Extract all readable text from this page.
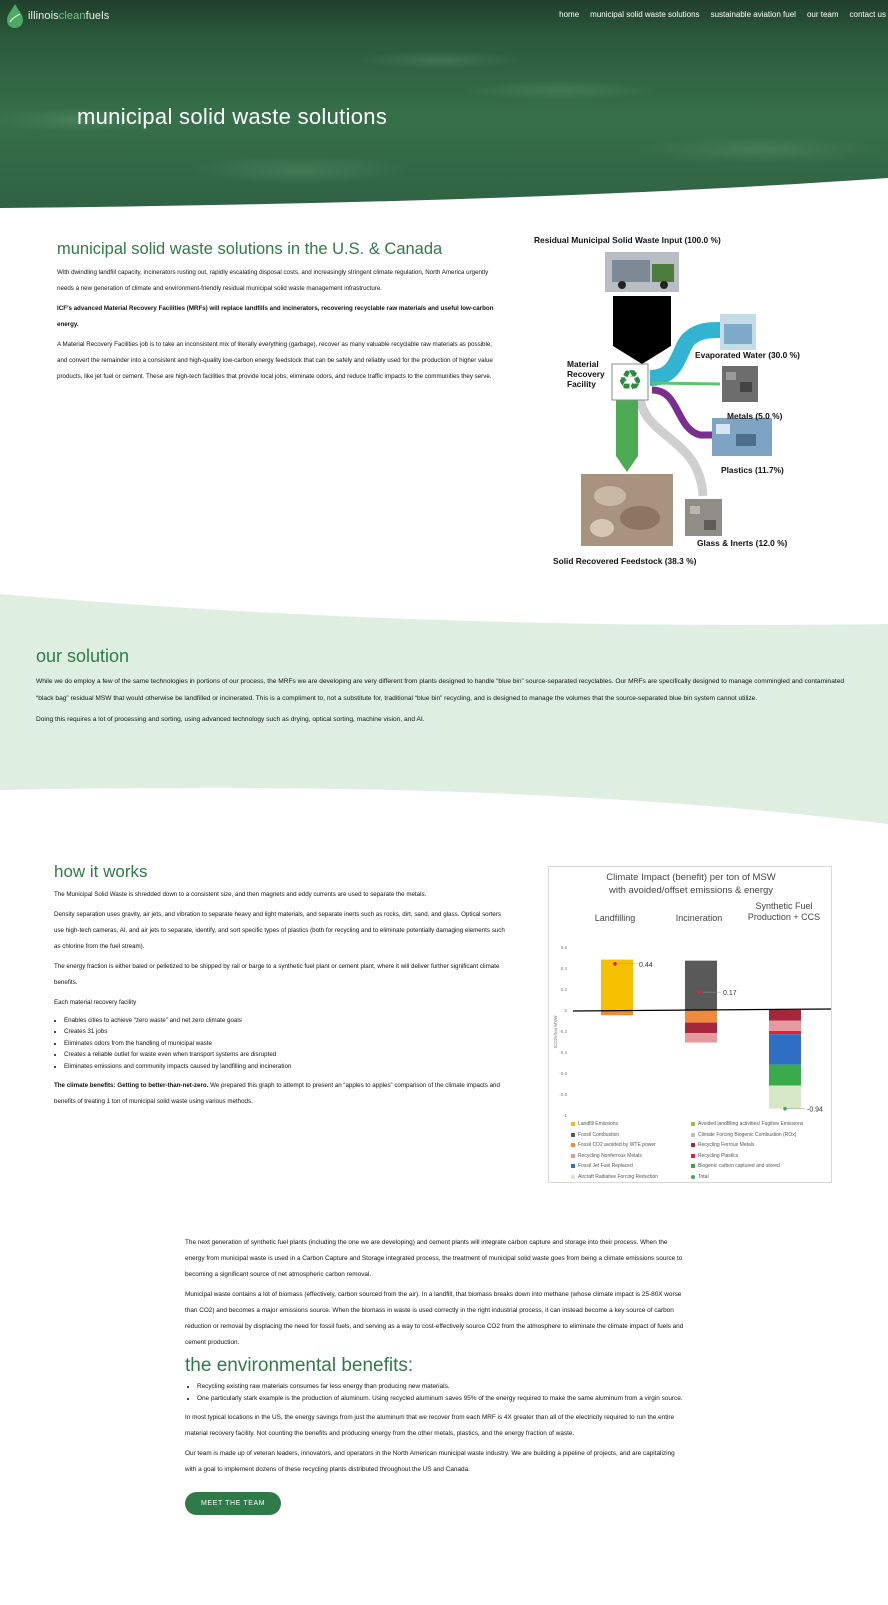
illinoiscleanfuels	home municipal solid waste solutions sustainable aviation fuel our team contact us
municipal solid waste solutions
municipal solid waste solutions in the U.S. & Canada

With dwindling landfill capacity, incinerators rusting out, rapidly escalating disposal costs, and increasingly stringent climate regulation, North America urgently needs a new generation of climate and environment-friendly residual municipal solid waste management infrastructure.

ICF’s advanced Material Recovery Facilities (MRFs) will replace landfills and incinerators, recovering recyclable raw materials and useful low-carbon energy.

A Material Recovery Facilities job is to take an inconsistent mix of literally everything (garbage), recover as many valuable recyclable raw materials as possible, and convert the remainder into a consistent and high-quality low-carbon energy feedstock that can be safely and reliably used for the production of higher value products, like jet fuel or cement. These are high-tech facilities that provide local jobs, eliminate odors, and reduce traffic impacts to the communities they serve.	♻
Residual Municipal Solid Waste Input (100.0 %)
Material
Recovery
Facility
Evaporated Water (30.0 %)
Metals (5.0 %)
Plastics (11.7%)
Glass & Inerts (12.0 %)
Solid Recovered Feedstock (38.3 %)
our solution

While we do employ a few of the same technologies in portions of our process, the MRFs we are developing are very different from plants designed to handle “blue bin” source-separated recyclables. Our MRFs are specifically designed to manage commingled and contaminated “black bag” residual MSW that would otherwise be landfilled or incinerated. This is a compliment to, not a substitute for, traditional “blue bin” recycling, and is designed to manage the volumes that the source-separated blue bin system cannot utilize.

Doing this requires a lot of processing and sorting, using advanced technology such as drying, optical sorting, machine vision, and AI.

how it works

The Municipal Solid Waste is shredded down to a consistent size, and then magnets and eddy currents are used to separate the metals.

Density separation uses gravity, air jets, and vibration to separate heavy and light materials, and separate inerts such as rocks, dirt, sand, and glass. Optical sorters use high-tech cameras, AI, and air jets to separate, identify, and sort specific types of plastics (both for recycling and to eliminate potentially damaging elements such as chlorine from the fuel stream).

The energy fraction is either baled or pelletized to be shipped by rail or barge to a synthetic fuel plant or cement plant, where it will deliver further significant climate benefits.

Each material recovery facility

• Enables cities to achieve “zero waste” and net zero climate goals
• Creates 31 jobs
• Eliminates odors from the handling of municipal waste
• Creates a reliable outlet for waste even when transport systems are disrupted
• Eliminates emissions and community impacts caused by landfilling and incineration

The climate benefits: Getting to better-than-net-zero. We prepared this graph to attempt to present an “apples to apples” comparison of the climate impacts and benefits of treating 1 ton of municipal solid waste using various methods.

Climate Impact (benefit) per ton of MSW
with avoided/offset emissions & energy
Landfilling	Incineration
Synthetic Fuel
Production + CCS
0.6
0.4
0.2
0
-0.2
-0.4
-0.6
-0.8
-1
tCO2e/ton MSW
0.44
0.17
-0.94
Landfill Emissions	Avoided landfilling activities/ Fugitive Emissions
Fossil Combustion	Climate Forcing Biogenic Combustion (ROx)
Fossil CO2 avoided by WTE power	Recycling Ferrous Metals
Recycling Nonferrous Metals	Recycling Plastics
Fossil Jet Fuel Replaced	Biogenic carbon captured and stored
Aircraft Radiative Forcing Reduction	Total

The next generation of synthetic fuel plants (including the one we are developing) and cement plants will integrate carbon capture and storage into their process. When the energy from municipal waste is used in a Carbon Capture and Storage integrated process, the treatment of municipal solid waste goes from being a climate emissions source to becoming a significant source of net atmospheric carbon removal.

Municipal waste contains a lot of biomass (effectively, carbon sourced from the air). In a landfill, that biomass breaks down into methane (whose climate impact is 25-80X worse than CO2) and becomes a major emissions source. When the biomass in waste is used correctly in the right industrial process, it can instead become a key source of carbon reduction or removal by displacing the need for fossil fuels, and serving as a way to cost-effectively source CO2 from the atmosphere to eliminate the climate impact of fuels and cement production.

the environmental benefits:
• Recycling existing raw materials consumes far less energy than producing new materials.
• One particularly stark example is the production of aluminum. Using recycled aluminum saves 95% of the energy required to make the same aluminum from a virgin source.

In most typical locations in the US, the energy savings from just the aluminum that we recover from each MRF is 4X greater than all of the electricity required to run the entire material recovery facility. Not counting the benefits and producing energy from the other metals, plastics, and the energy fraction of waste.

Our team is made up of veteran leaders, innovators, and operators in the North American municipal waste industry. We are building a pipeline of projects, and are capitalizing with a goal to implement dozens of these recycling plants distributed throughout the US and Canada.

MEET THE TEAM
